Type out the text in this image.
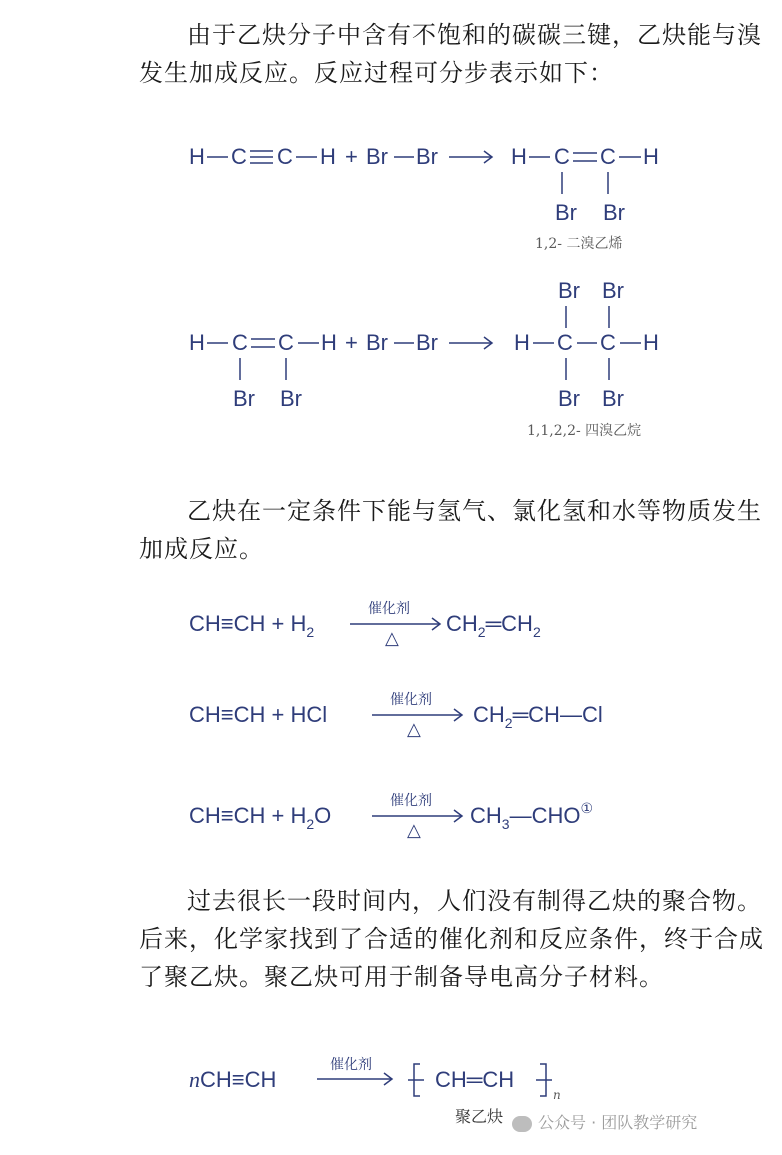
由于乙炔分子中含有不饱和的碳碳三键，乙炔能与溴发生加成反应。反应过程可分步表示如下：

H C C H + Br Br	H C C H
Br Br
1,2- 二溴乙烯
Br Br
H C C H + Br Br	H C C H
Br Br	Br Br
1,1,2,2- 四溴乙烷

乙炔在一定条件下能与氢气、氯化氢和水等物质发生加成反应。

$CH\equiv CH + H_2$
催化剂
△
$CH_2═CH_2$
CH≡CH + HCl
催化剂
△
$CH_2═CH—Cl$
$CH\equiv CH + H_2O$
催化剂
△
$CH_3—CHO^①$

过去很长一段时间内，人们没有制得乙炔的聚合物。后来，化学家找到了合适的催化剂和反应条件，终于合成了聚乙炔。聚乙炔可用于制备导电高分子材料。

nCH≡CH
催化剂
CH═CH
n
聚乙炔	公众号 · 团队教学研究
